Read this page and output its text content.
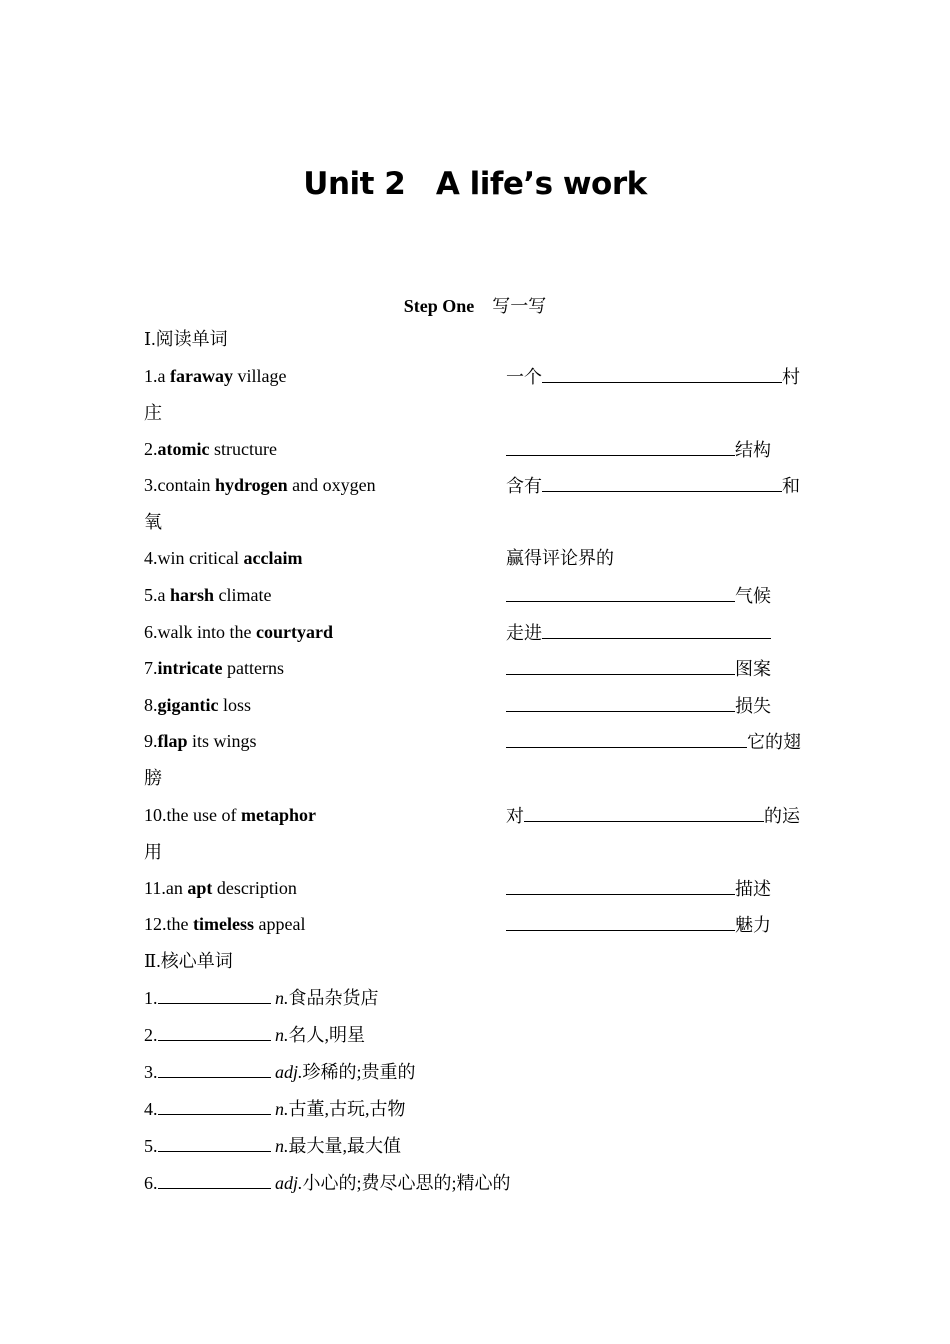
Unit 2　A life’s work
Step One　 写一写
Ⅰ.阅读单词
1.a faraway village	一个	村
庄
2.atomic structure	结构
3.contain hydrogen and oxygen	含有	和
氧
4.win critical acclaim	赢得评论界的
5.a harsh climate	气候
6.walk into the courtyard	走进
7.intricate patterns	图案
8.gigantic loss	损失
9.flap its wings	它的翅
膀
10.the use of metaphor	对	的运
用
11.an apt description	描述
12.the timeless appeal	魅力
Ⅱ.核心单词
1.	n.食品杂货店
2.	n.名人,明星
3.	adj.珍稀的;贵重的
4.	n.古董,古玩,古物
5.	n.最大量,最大值
6.	adj.小心的;费尽心思的;精心的
